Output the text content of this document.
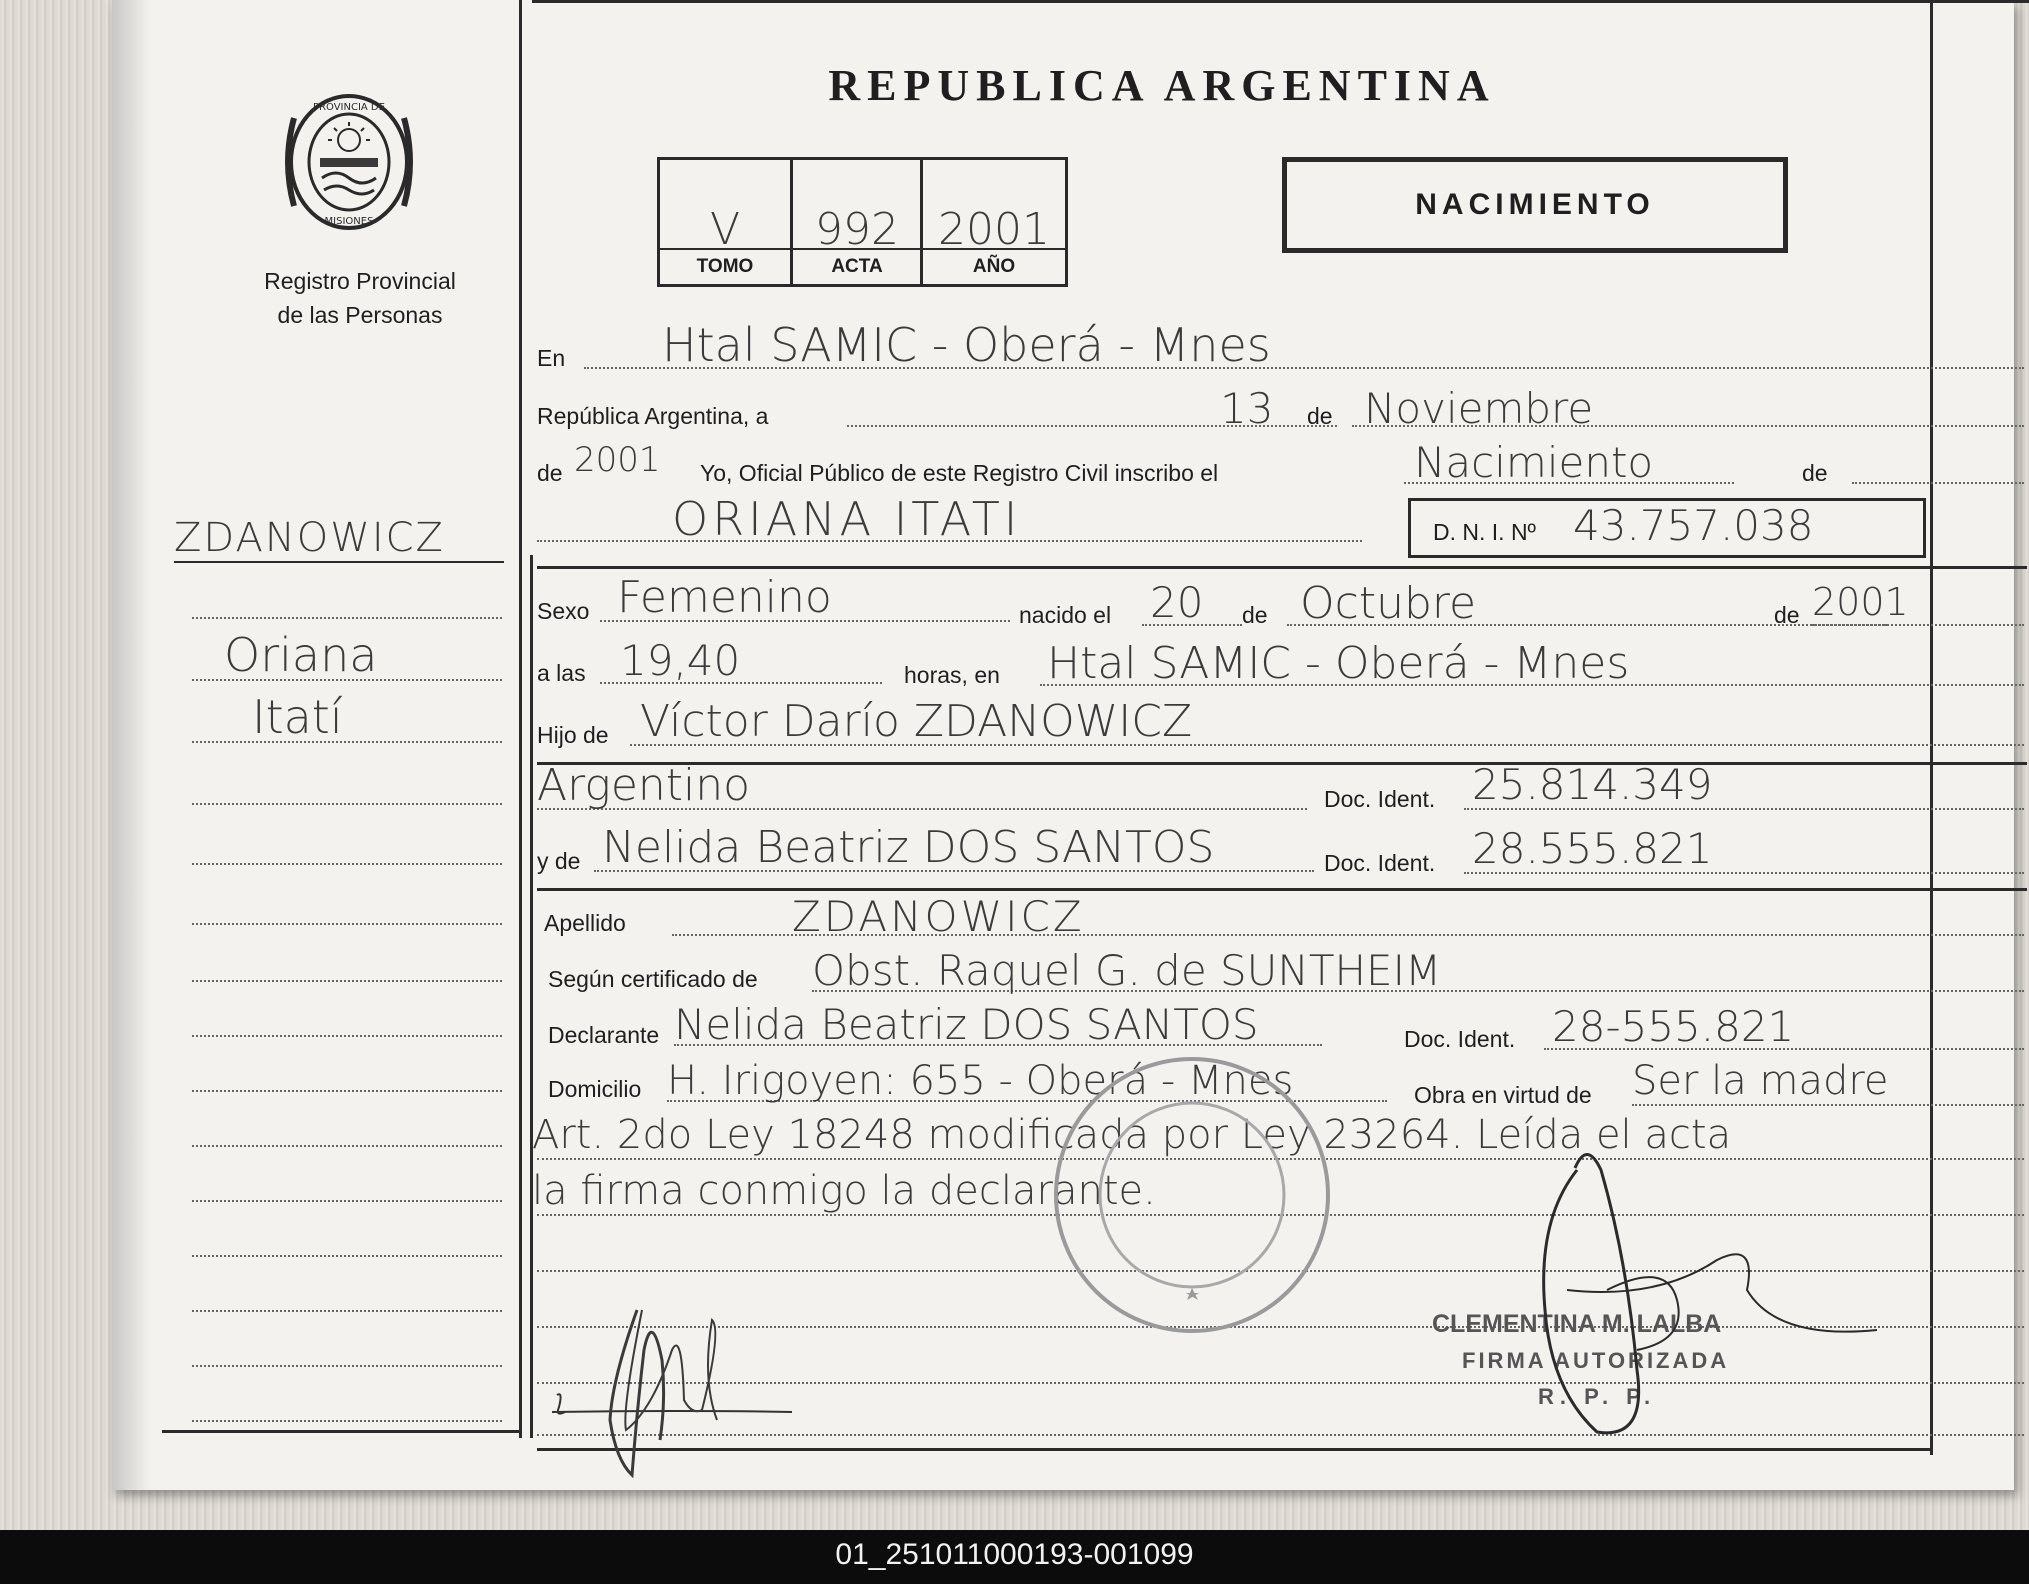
PROVINCIA DE
MISIONES
Registro Provincial
de las Personas
REPUBLICA ARGENTINA
V	992 2001
TOMO	ACTA	AÑO
NACIMIENTO
ZDANOWICZ
Oriana
Itatí
En Htal SAMIC - Oberá - Mnes
República Argentina, a	13 de Noviembre
de 2001 Yo, Oficial Público de este Registro Civil inscribo el	Nacimiento	de
ORIANA ITATI	D. N. I. Nº 43.757.038
Sexo Femenino	nacido el 20 de Octubre	de 2001
a las 19,40	horas, en Htal SAMIC - Oberá - Mnes
Hijo de Víctor Darío ZDANOWICZ
Argentino	Doc. Ident. 25.814.349
y de Nelida Beatriz DOS SANTOS	Doc. Ident. 28.555.821
Apellido	ZDANOWICZ
Según certificado de Obst. Raquel G. de SUNTHEIM
Declarante Nelida Beatriz DOS SANTOS	Doc. Ident. 28-555.821
Domicilio H. Irigoyen: 655 - Oberá - Mnes	Obra en virtud de Ser la madre
Art. 2do Ley 18248 modificada por Ley 23264. Leída el acta
la firma conmigo la declarante.
CLEMENTINA M. LALBA
FIRMA AUTORIZADA
R. P. P.
01_251011000193-001099
